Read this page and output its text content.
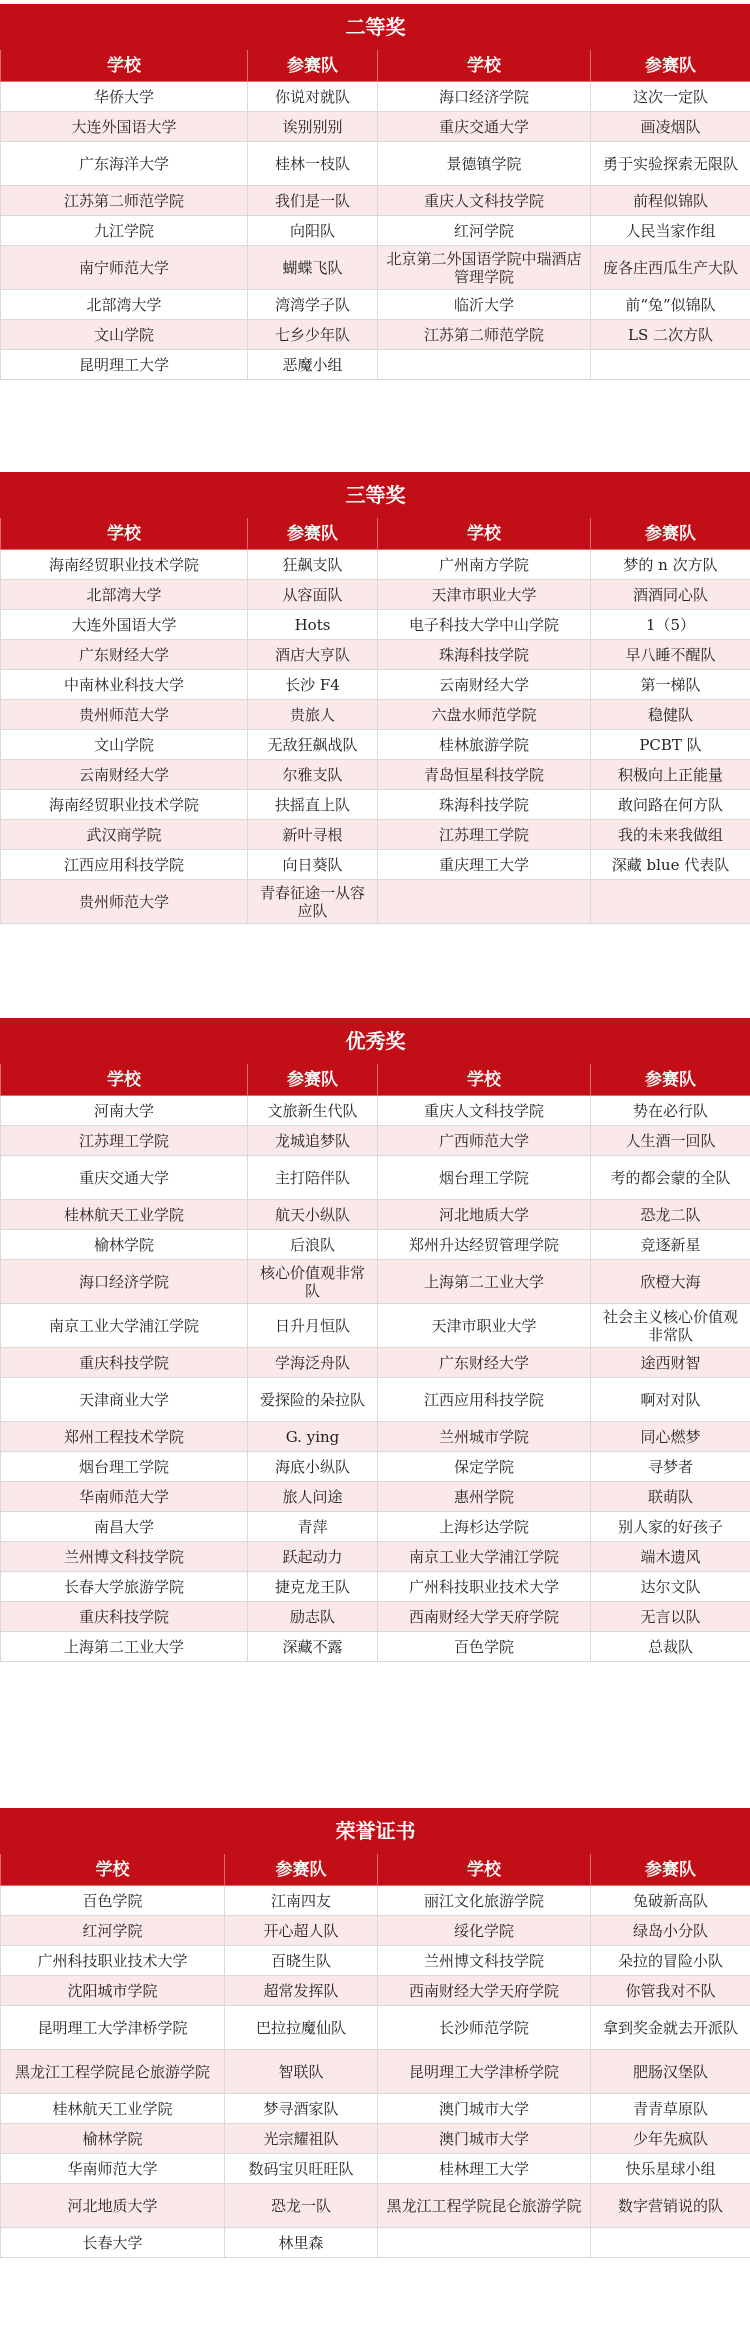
二等奖			
学校	参赛队	学校	参赛队
华侨大学	你说对就队	海口经济学院	这次一定队
大连外国语大学	诶别别别	重庆交通大学	画凌烟队
广东海洋大学	桂林一枝队	景德镇学院	勇于实验探索无限队
江苏第二师范学院	我们是一队	重庆人文科技学院	前程似锦队
九江学院	向阳队	红河学院	人民当家作组
南宁师范大学	蝴蝶飞队	北京第二外国语学院中瑞酒店管理学院	庞各庄西瓜生产大队
北部湾大学	湾湾学子队	临沂大学	前“兔”似锦队
文山学院	七乡少年队	江苏第二师范学院	LS 二次方队
昆明理工大学	恶魔小组		
三等奖			
学校	参赛队	学校	参赛队
海南经贸职业技术学院	狂飙支队	广州南方学院	梦的 n 次方队
北部湾大学	从容面队	天津市职业大学	酒酒同心队
大连外国语大学	Hots	电子科技大学中山学院	1（5）
广东财经大学	酒店大亨队	珠海科技学院	早八睡不醒队
中南林业科技大学	长沙 F4	云南财经大学	第一梯队
贵州师范大学	贵旅人	六盘水师范学院	稳健队
文山学院	无敌狂飙战队	桂林旅游学院	PCBT 队
云南财经大学	尔雅支队	青岛恒星科技学院	积极向上正能量
海南经贸职业技术学院	扶摇直上队	珠海科技学院	敢问路在何方队
武汉商学院	新叶寻根	江苏理工学院	我的未来我做组
江西应用科技学院	向日葵队	重庆理工大学	深藏 blue 代表队
贵州师范大学	青春征途一从容应队		
优秀奖			
学校	参赛队	学校	参赛队
河南大学	文旅新生代队	重庆人文科技学院	势在必行队
江苏理工学院	龙城追梦队	广西师范大学	人生酒一回队
重庆交通大学	主打陪伴队	烟台理工学院	考的都会蒙的全队
桂林航天工业学院	航天小纵队	河北地质大学	恐龙二队
榆林学院	后浪队	郑州升达经贸管理学院	竞逐新星
海口经济学院	核心价值观非常队	上海第二工业大学	欣橙大海
南京工业大学浦江学院	日升月恒队	天津市职业大学	社会主义核心价值观非常队
重庆科技学院	学海泛舟队	广东财经大学	途西财智
天津商业大学	爱探险的朵拉队	江西应用科技学院	啊对对队
郑州工程技术学院	G. ying	兰州城市学院	同心燃梦
烟台理工学院	海底小纵队	保定学院	寻梦者
华南师范大学	旅人问途	惠州学院	联萌队
南昌大学	青萍	上海杉达学院	别人家的好孩子
兰州博文科技学院	跃起动力	南京工业大学浦江学院	端木遗风
长春大学旅游学院	捷克龙王队	广州科技职业技术大学	达尔文队
重庆科技学院	励志队	西南财经大学天府学院	无言以队
上海第二工业大学	深藏不露	百色学院	总裁队
荣誉证书			
学校	参赛队	学校	参赛队
百色学院	江南四友	丽江文化旅游学院	兔破新高队
红河学院	开心超人队	绥化学院	绿岛小分队
广州科技职业技术大学	百晓生队	兰州博文科技学院	朵拉的冒险小队
沈阳城市学院	超常发挥队	西南财经大学天府学院	你管我对不队
昆明理工大学津桥学院	巴拉拉魔仙队	长沙师范学院	拿到奖金就去开派队
黑龙江工程学院昆仑旅游学院	智联队	昆明理工大学津桥学院	肥肠汉堡队
桂林航天工业学院	梦寻酒家队	澳门城市大学	青青草原队
榆林学院	光宗耀祖队	澳门城市大学	少年先疯队
华南师范大学	数码宝贝旺旺队	桂林理工大学	快乐星球小组
河北地质大学	恐龙一队	黑龙江工程学院昆仑旅游学院	数字营销说的队
长春大学	林里森		
